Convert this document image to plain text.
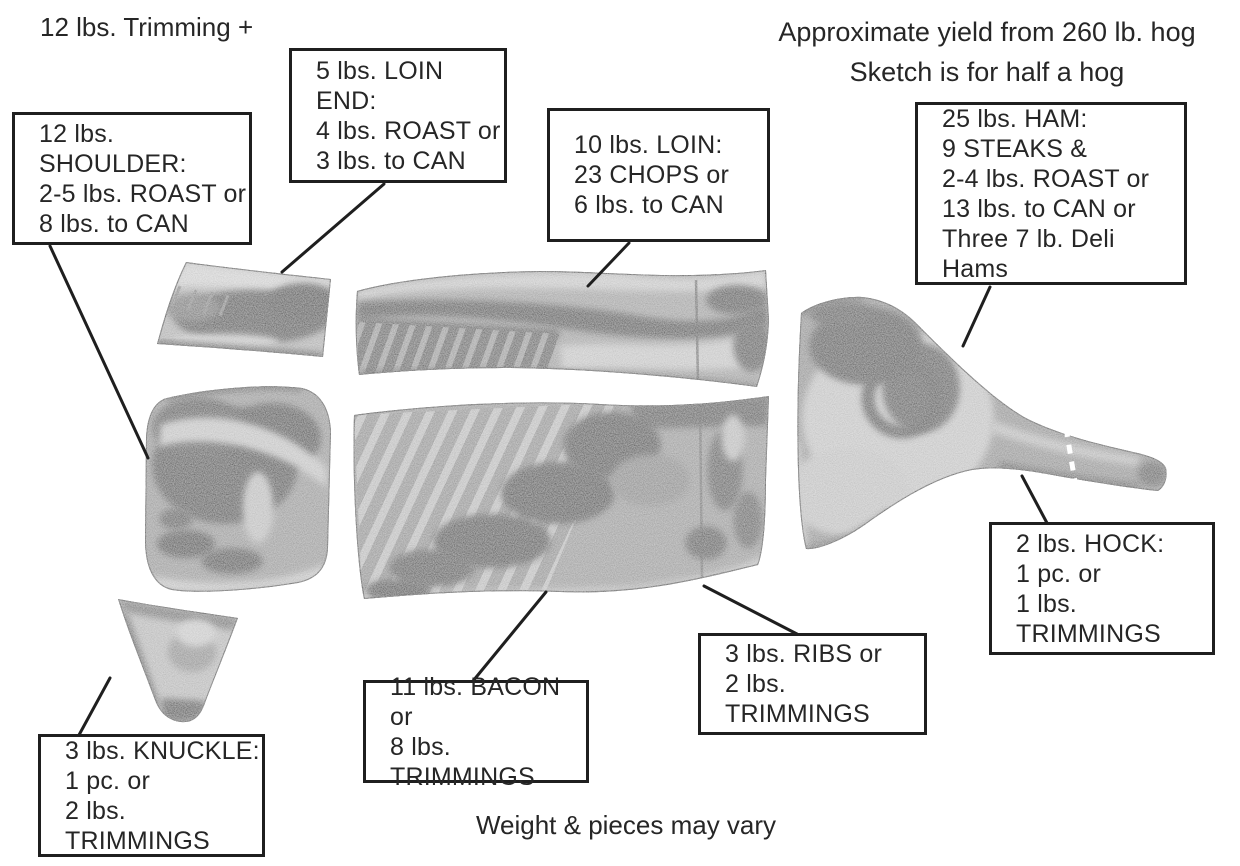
12 lbs. Trimming +	Approximate yield from 260 lb. hog
Sketch is for half a hog
12 lbs. SHOULDER:
2-5 lbs. ROAST or
8 lbs. to CAN
5 lbs. LOIN END:
4 lbs. ROAST or
3 lbs. to CAN
10 lbs. LOIN:
23 CHOPS or
6 lbs. to CAN
25 lbs. HAM:
9 STEAKS &
2-4 lbs. ROAST or
13 lbs. to CAN or
Three 7 lb. Deli Hams
2 lbs. HOCK:
1 pc. or
1 lbs. TRIMMINGS
3 lbs. RIBS or
2 lbs. TRIMMINGS
11 lbs. BACON or
8 lbs. TRIMMINGS
3 lbs. KNUCKLE:
1 pc. or
2 lbs. TRIMMINGS
Weight & pieces may vary
